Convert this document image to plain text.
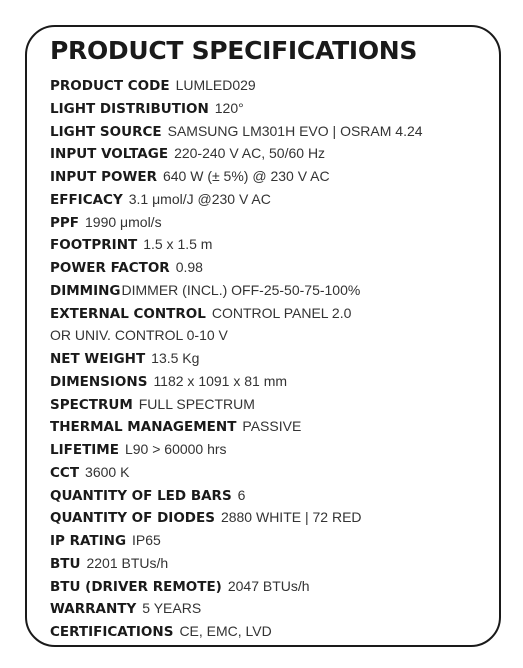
PRODUCT SPECIFICATIONS
PRODUCT CODE LUMLED029
LIGHT DISTRIBUTION 120°
LIGHT SOURCE SAMSUNG LM301H EVO | OSRAM 4.24
INPUT VOLTAGE 220-240 V AC, 50/60 Hz
INPUT POWER 640 W (± 5%) @ 230 V AC
EFFICACY 3.1 μmol/J @230 V AC
PPF 1990 μmol/s
FOOTPRINT 1.5 x 1.5 m
POWER FACTOR 0.98
DIMMINGDIMMER (INCL.) OFF-25-50-75-100%
EXTERNAL CONTROL CONTROL PANEL 2.0
OR UNIV. CONTROL 0-10 V
NET WEIGHT 13.5 Kg
DIMENSIONS 1182 x 1091 x 81 mm
SPECTRUM FULL SPECTRUM
THERMAL MANAGEMENT PASSIVE
LIFETIME L90 > 60000 hrs
CCT 3600 K
QUANTITY OF LED BARS 6
QUANTITY OF DIODES 2880 WHITE | 72 RED
IP RATING IP65
BTU 2201 BTUs/h
BTU (DRIVER REMOTE) 2047 BTUs/h
WARRANTY 5 YEARS
CERTIFICATIONS CE, EMC, LVD
